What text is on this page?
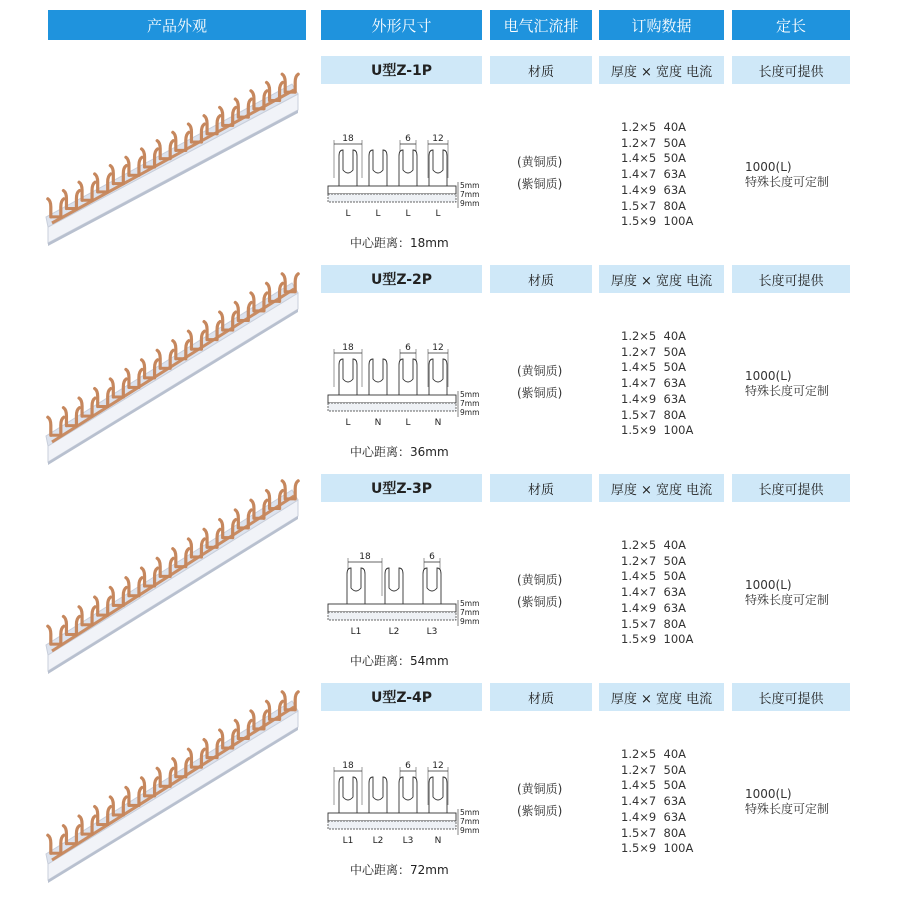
产品外观	外形尺寸	电气汇流排	订购数据	定长
U型Z-1P	材质	厚度 × 宽度 电流	长度可提供
18	6 12
5mm
7mm
9mm
L	L	L	L
中心距离：18mm
(黄铜质)
(紫铜质)
1.2×5  40A
1.2×7  50A
1.4×5  50A
1.4×7  63A
1.4×9  63A
1.5×7  80A
1.5×9  100A
1000(L)
特殊长度可定制
U型Z-2P	材质	厚度 × 宽度 电流	长度可提供
18	6 12
5mm
7mm
9mm
L	N	L	N
中心距离：36mm
(黄铜质)
(紫铜质)
1.2×5  40A
1.2×7  50A
1.4×5  50A
1.4×7  63A
1.4×9  63A
1.5×7  80A
1.5×9  100A
1000(L)
特殊长度可定制
U型Z-3P	材质	厚度 × 宽度 电流	长度可提供
18	6
5mm
7mm
9mm
L1	L2	L3
中心距离：54mm
(黄铜质)
(紫铜质)
1.2×5  40A
1.2×7  50A
1.4×5  50A
1.4×7  63A
1.4×9  63A
1.5×7  80A
1.5×9  100A
1000(L)
特殊长度可定制
U型Z-4P	材质	厚度 × 宽度 电流	长度可提供
18	6 12
5mm
7mm
9mm
L1 L2 L3 N
中心距离：72mm
(黄铜质)
(紫铜质)
1.2×5  40A
1.2×7  50A
1.4×5  50A
1.4×7  63A
1.4×9  63A
1.5×7  80A
1.5×9  100A
1000(L)
特殊长度可定制
